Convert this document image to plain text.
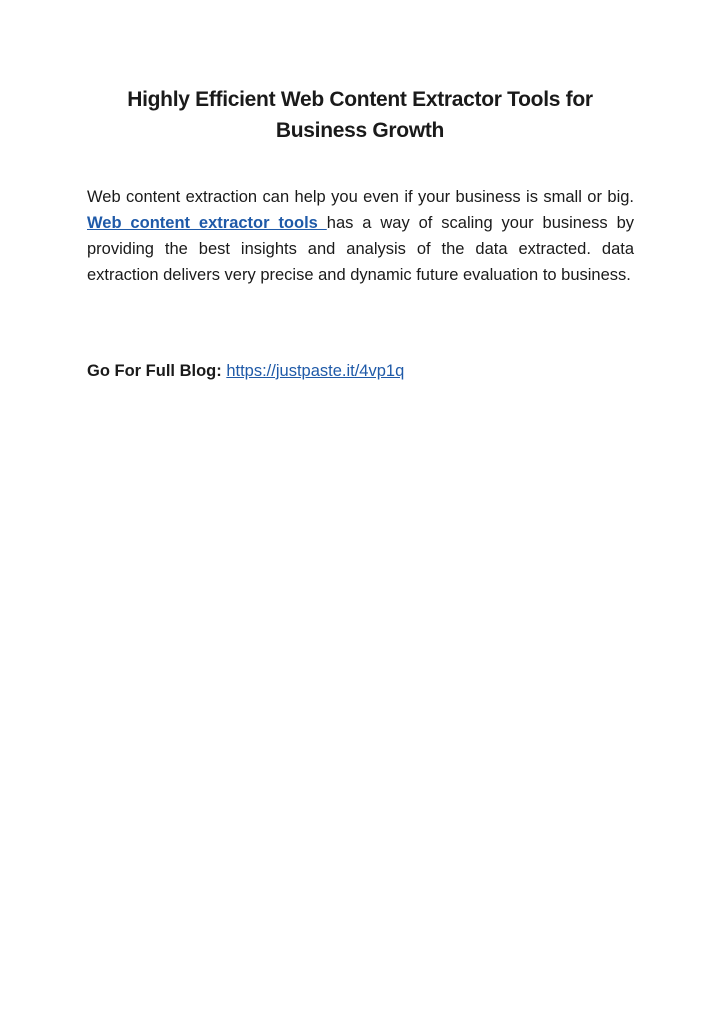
Highly Efficient Web Content Extractor Tools for Business Growth

Web content extraction can help you even if your business is small or big. Web content extractor tools has a way of scaling your business by providing the best insights and analysis of the data extracted. data extraction delivers very precise and dynamic future evaluation to business.

Go For Full Blog: https://justpaste.it/4vp1q
